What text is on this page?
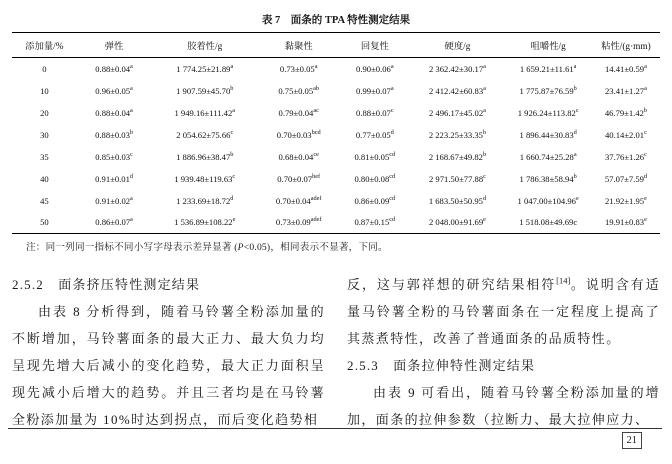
表 7　面条的 TPA 特性测定结果
添加量/%	弹性	胶着性/g	黏聚性	回复性	硬度/g	咀嚼性/g	粘性/(g·mm)
0	0.88±0.04$^a$	1 774.25±21.89$^a$	0.73±0.05$^a$	0.90±0.06$^a$	2 362.42±30.17$^a$	1 659.21±11.61$^a$	14.41±0.59$^a$
10	0.96±0.05$^a$	1 907.59±45.70$^b$	0.75±0.05$^{ab}$	0.99±0.07$^a$	2 412.42±60.83$^a$	1 775.87±76.59$^b$	23.41±1.27$^a$
20	0.88±0.04$^a$	1 949.16±111.42$^a$	0.79±0.04$^{ac}$	0.88±0.07$^c$	2 496.17±45.02$^a$	1 926.24±113.82$^c$	46.79±1.42$^b$
30	0.88±0.03$^b$	2 054.62±75.66$^c$	0.70±0.03$^{bcd}$	0.77±0.05$^d$	2 223.25±33.35$^b$	1 896.44±30.83$^d$	40.14±2.01$^c$
35	0.85±0.03$^c$	1 886.96±38.47$^b$	0.68±0.04$^{ce}$	0.81±0.05$^{cd}$	2 168.67±49.82$^b$	1 660.74±25.28$^a$	37.76±1.26$^c$
40	0.91±0.01$^d$	1 939.48±119.63$^c$	0.70±0.07$^{bef}$	0.80±0.08$^{cd}$	2 971.50±77.88$^c$	1 786.38±58.94$^b$	57.07±7.59$^d$
45	0.91±0.02$^a$	1 233.69±18.72$^d$	$0.70\pm 0.04^{adef}$	0.86±0.09$^{cd}$	1 683.50±50.95$^d$	1 047.00±104.96$^e$	21.92±1.95$^e$
50	0.86±0.07$^a$	1 536.89±108.22$^e$	$0.73\pm 0.09^{adef}$	0.87±0.15$^{cd}$	2 048.00±91.69$^e$	1 518.08±49.69c	19.91±0.83$^e$
注：同一列同一指标不同小写字母表示差异显著 (P<0.05)，相同表示不显著，下同。
2.5.2　面条挤压特性测定结果
由表 8 分析得到，随着马铃薯全粉添加量的不断增加，马铃薯面条的最大正力、最大负力均呈现先增大后减小的变化趋势，最大正力面积呈现先减小后增大的趋势。并且三者均是在马铃薯全粉添加量为 10%时达到拐点，而后变化趋势相
反，这与郭祥想的研究结果相符[14]。说明含有适量马铃薯全粉的马铃薯面条在一定程度上提高了其蒸煮特性，改善了普通面条的品质特性。
2.5.3　面条拉伸特性测定结果
由表 9 可看出，随着马铃薯全粉添加量的增加，面条的拉伸参数（拉断力、最大拉伸应力、
21
